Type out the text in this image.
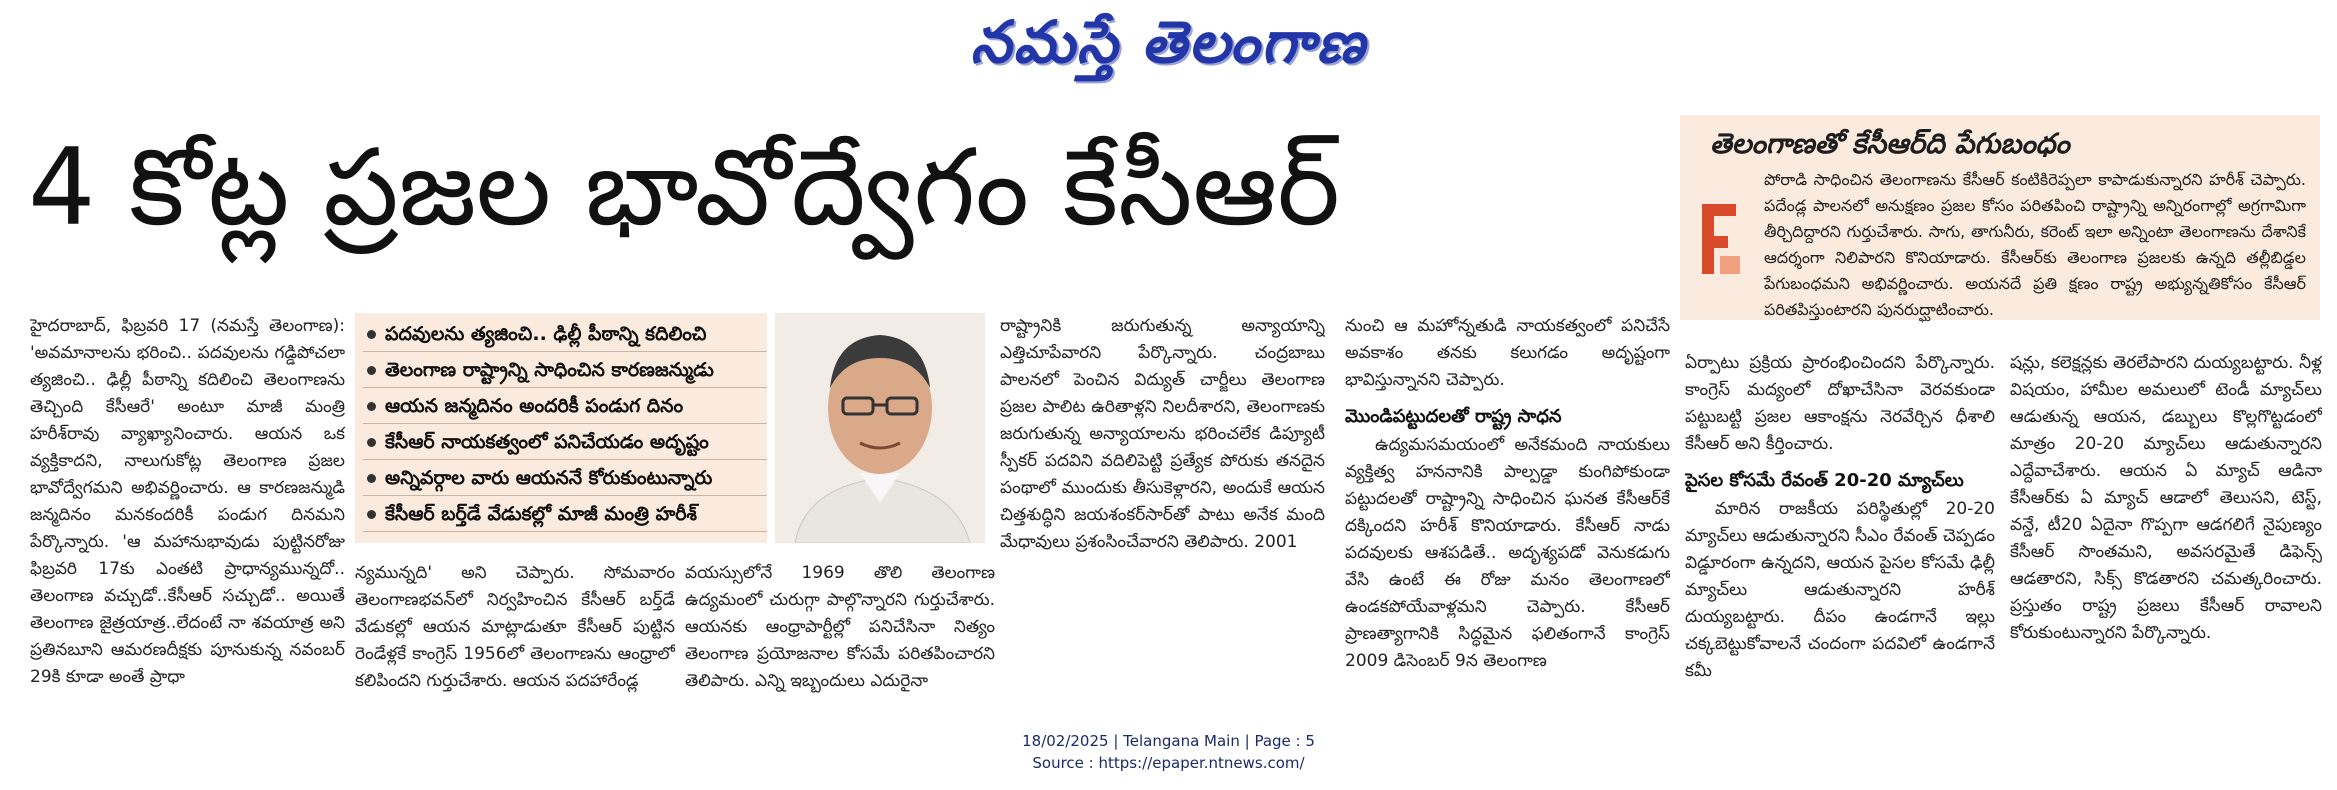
నమస్తే తెలంగాణ
4 కోట్ల ప్రజల భావోద్వేగం కేసీఆర్	తెలంగాణతో కేసీఆర్‌ది పేగుబంధం
పోరాడి సాధించిన తెలంగాణను కేసీఆర్ కంటికిరెప్పలా కాపాడుకున్నారని హరీశ్ చెప్పారు. పదేండ్ల పాలనలో అనుక్షణం ప్రజల కోసం పరితపించి రాష్ట్రాన్ని అన్నిరంగాల్లో అగ్రగామిగా తీర్చిదిద్దారని గుర్తుచేశారు. సాగు, తాగునీరు, కరెంట్ ఇలా అన్నింటా తెలంగాణను దేశానికే ఆదర్శంగా నిలిపారని కొనియాడారు. కేసీఆర్‌కు తెలంగాణ ప్రజలకు ఉన్నది తల్లీబిడ్డల పేగుబంధమని అభివర్ణించారు. అయనదే ప్రతి క్షణం రాష్ట్ర అభ్యున్నతికోసం కేసీఆర్ పరితపిస్తుంటారని పునరుద్ఘాటించారు.

హైదరాబాద్, ఫిబ్రవరి 17 (నమస్తే తెలంగాణ): 'అవమానాలను భరించి.. పదవులను గడ్డిపోచలా త్యజించి.. ఢిల్లీ పీఠాన్ని కదిలించి తెలంగాణను తెచ్చింది కేసీఆరే' అంటూ మాజీ మంత్రి హరీశ్‌రావు వ్యాఖ్యానించారు. ఆయన ఒక వ్యక్తికాదని, నాలుగుకోట్ల తెలంగాణ ప్రజల భావోద్వేగమని అభివర్ణించారు. ఆ కారణజన్ముడి జన్మదినం మనకందరికీ పండుగ దినమని పేర్కొన్నారు. 'ఆ మహానుభావుడు పుట్టినరోజు ఫిబ్రవరి 17కు ఎంతటి ప్రాధాన్యమున్నదో.. తెలంగాణ వచ్చుడో..కేసీఆర్ సచ్చుడో.. అయితే తెలంగాణ జైత్రయాత్ర..లేదంటే నా శవయాత్ర అని ప్రతినబూని ఆమరణదీక్షకు పూనుకున్న నవంబర్ 29కి కూడా అంతే ప్రాధా

పదవులను త్యజించి.. ఢిల్లీ పీఠాన్ని కదిలించి
తెలంగాణ రాష్ట్రాన్ని సాధించిన కారణజన్ముడు
ఆయన జన్మదినం అందరికీ పండుగ దినం
కేసీఆర్ నాయకత్వంలో పనిచేయడం అదృష్టం
అన్నివర్గాల వారు ఆయననే కోరుకుంటున్నారు
కేసీఆర్ బర్త్‌డే వేడుకల్లో మాజీ మంత్రి హరీశ్

న్యమున్నది' అని చెప్పారు. సోమవారం తెలంగాణభవన్‌లో నిర్వహించిన కేసీఆర్ బర్త్‌డే వేడుకల్లో ఆయన మాట్లాడుతూ కేసీఆర్ పుట్టిన రెండేళ్లకే కాంగ్రెస్ 1956లో తెలంగాణను ఆంధ్రాలో కలిపిందని గుర్తుచేశారు. ఆయన పదహారేండ్ల

వయస్సులోనే 1969 తొలి తెలంగాణ ఉద్యమంలో చురుగ్గా పాల్గొన్నారని గుర్తుచేశారు. ఆయనకు ఆంధ్రాపార్టీల్లో పనిచేసినా నిత్యం తెలంగాణ ప్రయోజనాల కోసమే పరితపించారని తెలిపారు. ఎన్ని ఇబ్బందులు ఎదురైనా

రాష్ట్రానికి జరుగుతున్న అన్యాయాన్ని ఎత్తిచూపేవారని పేర్కొన్నారు. చంద్రబాబు పాలనలో పెంచిన విద్యుత్ చార్జీలు తెలంగాణ ప్రజల పాలిట ఉరితాళ్లని నిలదీశారని, తెలంగాణకు జరుగుతున్న అన్యాయాలను భరించలేక డిప్యూటీ స్పీకర్ పదవిని వదిలిపెట్టి ప్రత్యేక పోరుకు తనదైన పంథాలో ముందుకు తీసుకెళ్లారని, అందుకే ఆయన చిత్తశుద్ధిని జయశంకర్‌సార్‌తో పాటు అనేక మంది మేధావులు ప్రశంసించేవారని తెలిపారు. 2001

నుంచి ఆ మహోన్నతుడి నాయకత్వంలో పనిచేసే అవకాశం తనకు కలుగడం అదృష్టంగా భావిస్తున్నానని చెప్పారు.

మొండిపట్టుదలతో రాష్ట్ర సాధన

ఉద్యమసమయంలో అనేకమంది నాయకులు వ్యక్తిత్వ హననానికి పాల్పడ్డా కుంగిపోకుండా పట్టుదలతో రాష్ట్రాన్ని సాధించిన ఘనత కేసీఆర్‌కే దక్కిందని హరీశ్ కొనియాడారు. కేసీఆర్ నాడు పదవులకు ఆశపడితే.. అదృశ్యపడో వెనుకడుగు వేసి ఉంటే ఈ రోజు మనం తెలంగాణలో ఉండకపోయేవాళ్లమని చెప్పారు. కేసీఆర్ ప్రాణత్యాగానికి సిద్ధమైన ఫలితంగానే కాంగ్రెస్ 2009 డిసెంబర్ 9న తెలంగాణ

ఏర్పాటు ప్రక్రియ ప్రారంభించిందని పేర్కొన్నారు. కాంగ్రెస్ మద్యంలో దోఖాచేసినా వెరవకుండా పట్టుబట్టి ప్రజల ఆకాంక్షను నెరవేర్చిన ధీశాలి కేసీఆర్ అని కీర్తించారు.

పైసల కోసమే రేవంత్ 20-20 మ్యాచ్‌లు

మారిన రాజకీయ పరిస్థితుల్లో 20-20 మ్యాచ్‌లు ఆడుతున్నారని సీఎం రేవంత్ చెప్పడం విడ్డూరంగా ఉన్నదని, ఆయన పైసల కోసమే ఢిల్లీ మ్యాచ్‌లు ఆడుతున్నారని హరీశ్ దుయ్యబట్టారు. దీపం ఉండగానే ఇల్లు చక్కబెట్టుకోవాలనే చందంగా పదవిలో ఉండగానే కమీ

షన్లు, కలెక్షన్లకు తెరలేపారని దుయ్యబట్టారు. నీళ్ల విషయం, హామీల అమలులో టెండీ మ్యాచ్‌లు ఆడుతున్న ఆయన, డబ్బులు కొల్లగొట్టడంలో మాత్రం 20-20 మ్యాచ్‌లు ఆడుతున్నారని ఎద్దేవాచేశారు. ఆయన ఏ మ్యాచ్ ఆడినా కేసీఆర్‌కు ఏ మ్యాచ్ ఆడాలో తెలుసని, టెస్ట్, వన్డే, టీ20 ఏదైనా గొప్పగా ఆడగలిగే నైపుణ్యం కేసీఆర్ సొంతమని, అవసరమైతే డిఫెన్స్ ఆడతారని, సిక్స్ కొడతారని చమత్కరించారు. ప్రస్తుతం రాష్ట్ర ప్రజలు కేసీఆర్ రావాలని కోరుకుంటున్నారని పేర్కొన్నారు.

18/02/2025 | Telangana Main | Page : 5
Source : https://epaper.ntnews.com/
